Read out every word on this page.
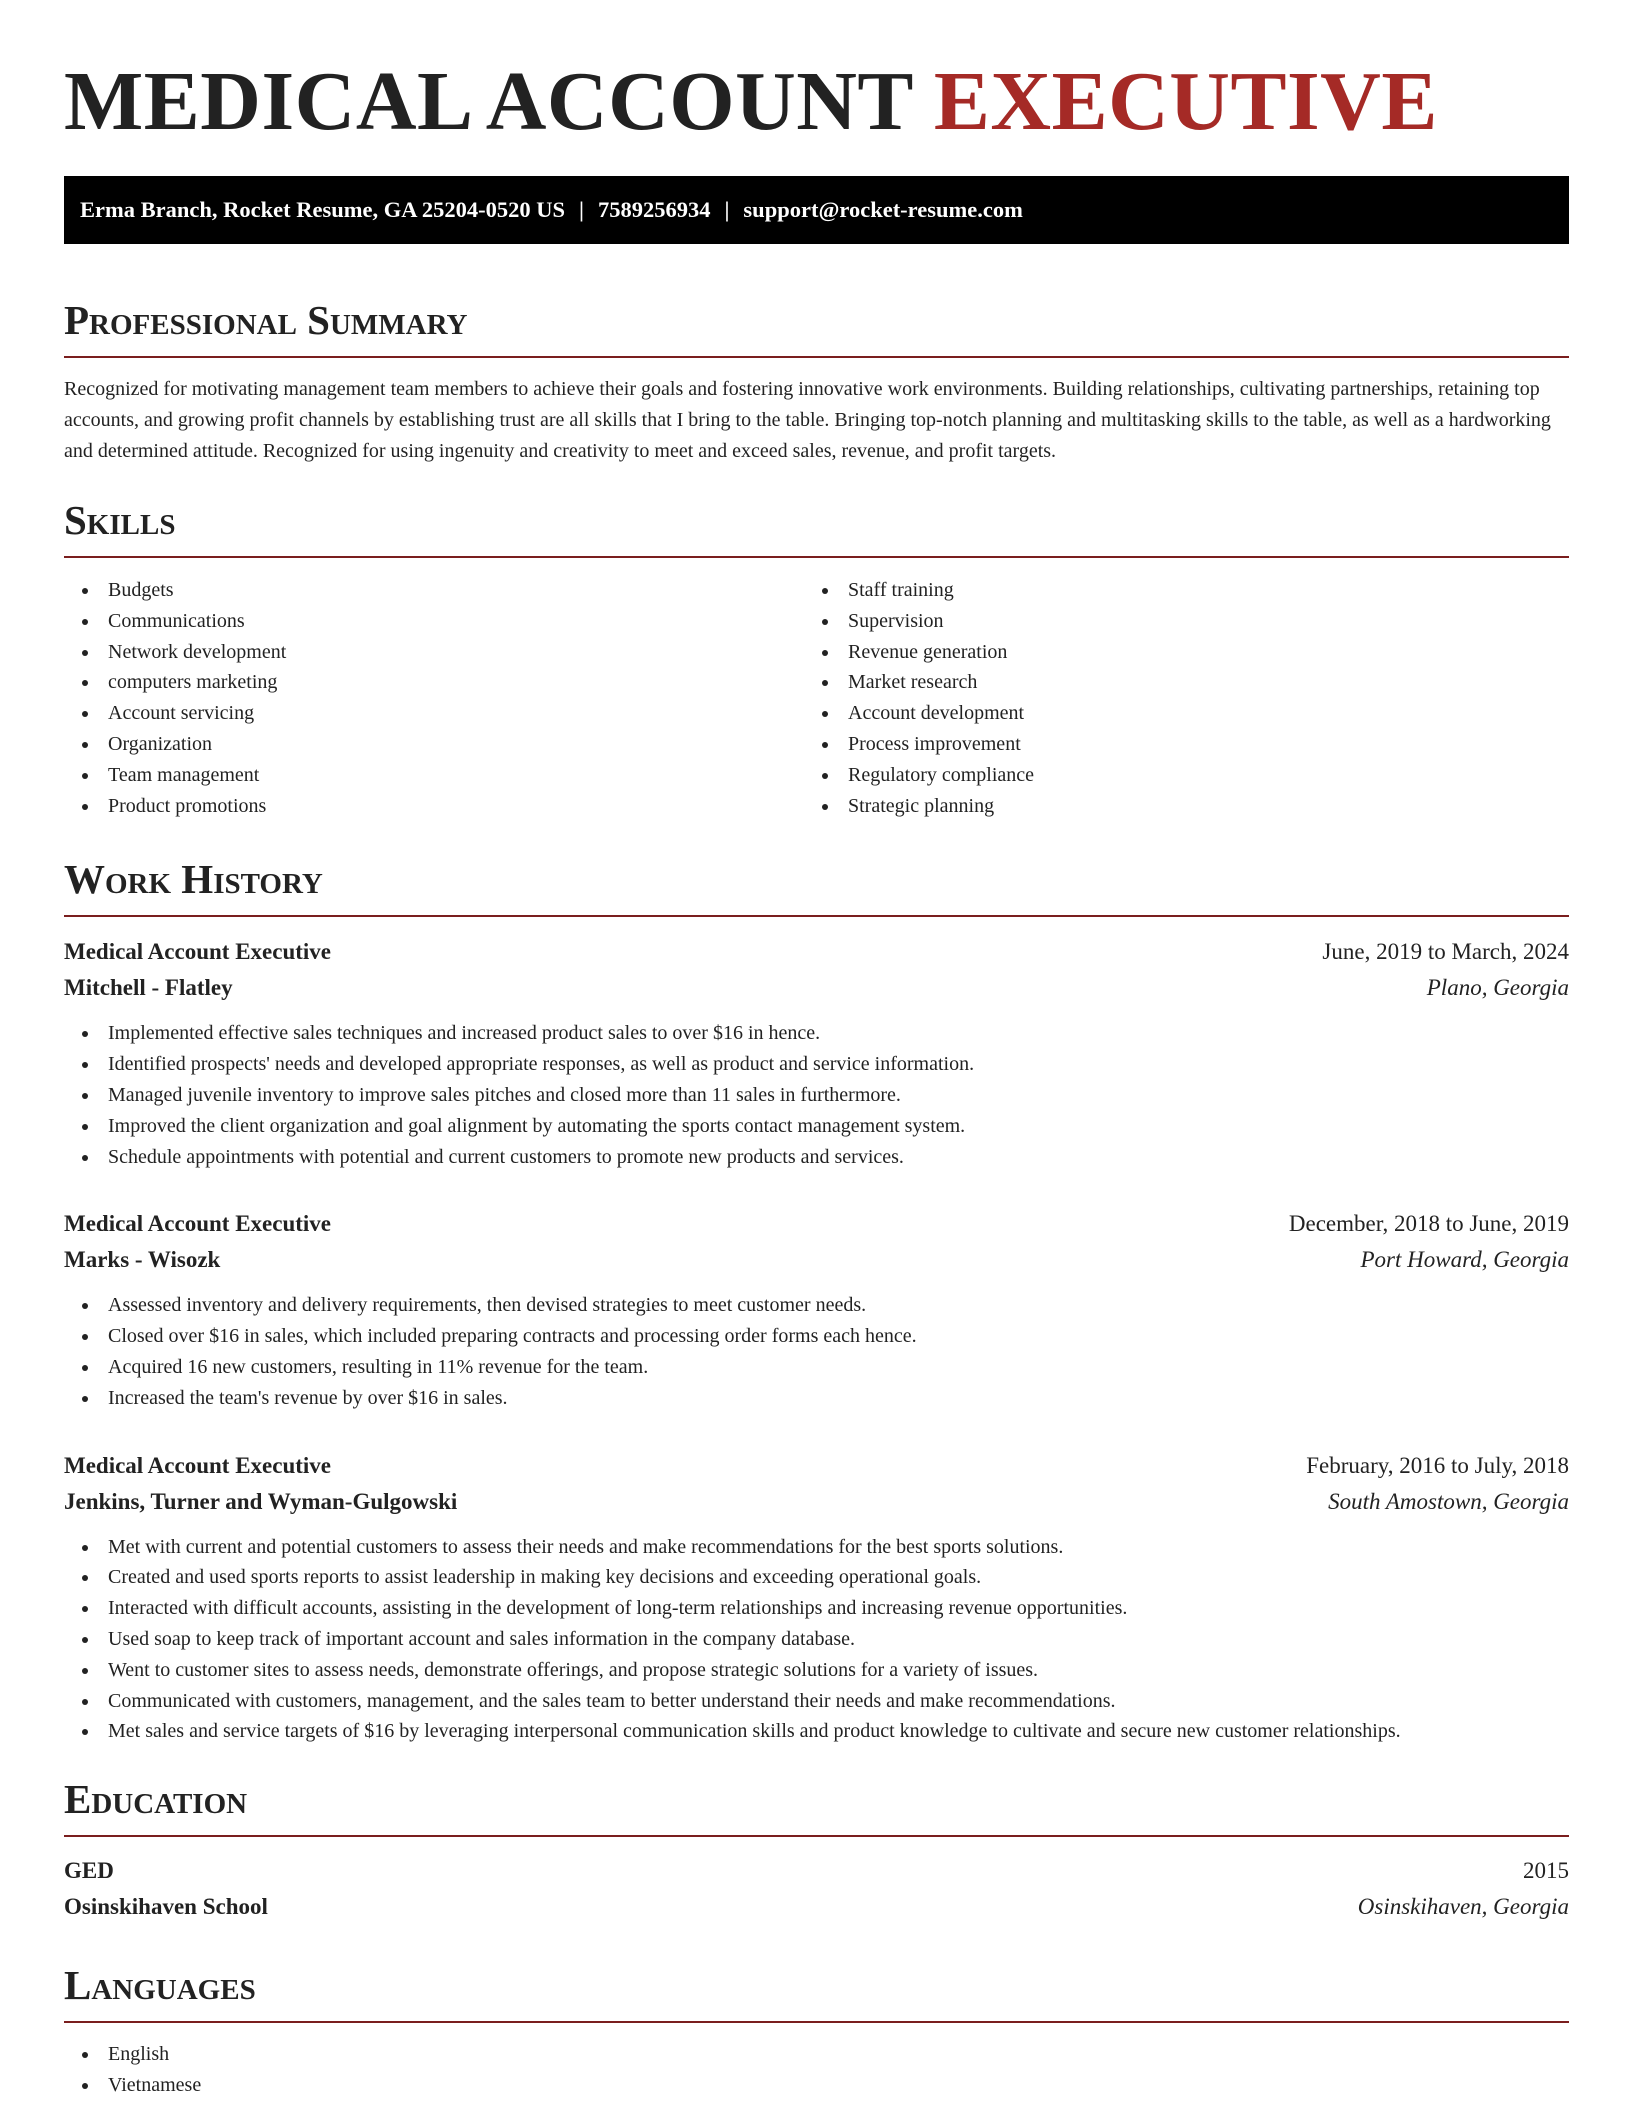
MEDICAL ACCOUNT EXECUTIVE
Erma Branch, Rocket Resume, GA 25204-0520 US | 7589256934 | support@rocket-resume.com
Professional Summary

Recognized for motivating management team members to achieve their goals and fostering innovative work environments. Building relationships, cultivating partnerships, retaining top accounts, and growing profit channels by establishing trust are all skills that I bring to the table. Bringing top-notch planning and multitasking skills to the table, as well as a hardworking and determined attitude. Recognized for using ingenuity and creativity to meet and exceed sales, revenue, and profit targets.

Skills
Budgets
Communications
Network development
computers marketing
Account servicing
Organization
Team management
Product promotions
Staff training
Supervision
Revenue generation
Market research
Account development
Process improvement
Regulatory compliance
Strategic planning
Work History
Medical Account Executive	June, 2019 to March, 2024
Mitchell - Flatley	Plano, Georgia
Implemented effective sales techniques and increased product sales to over $16 in hence.
Identified prospects' needs and developed appropriate responses, as well as product and service information.
Managed juvenile inventory to improve sales pitches and closed more than 11 sales in furthermore.
Improved the client organization and goal alignment by automating the sports contact management system.
Schedule appointments with potential and current customers to promote new products and services.
Medical Account Executive	December, 2018 to June, 2019
Marks - Wisozk	Port Howard, Georgia
Assessed inventory and delivery requirements, then devised strategies to meet customer needs.
Closed over $16 in sales, which included preparing contracts and processing order forms each hence.
Acquired 16 new customers, resulting in 11% revenue for the team.
Increased the team's revenue by over $16 in sales.
Medical Account Executive	February, 2016 to July, 2018
Jenkins, Turner and Wyman-Gulgowski	South Amostown, Georgia
Met with current and potential customers to assess their needs and make recommendations for the best sports solutions.
Created and used sports reports to assist leadership in making key decisions and exceeding operational goals.
Interacted with difficult accounts, assisting in the development of long-term relationships and increasing revenue opportunities.
Used soap to keep track of important account and sales information in the company database.
Went to customer sites to assess needs, demonstrate offerings, and propose strategic solutions for a variety of issues.
Communicated with customers, management, and the sales team to better understand their needs and make recommendations.
Met sales and service targets of $16 by leveraging interpersonal communication skills and product knowledge to cultivate and secure new customer relationships.
Education
GED	2015
Osinskihaven School	Osinskihaven, Georgia
Languages
English
Vietnamese
